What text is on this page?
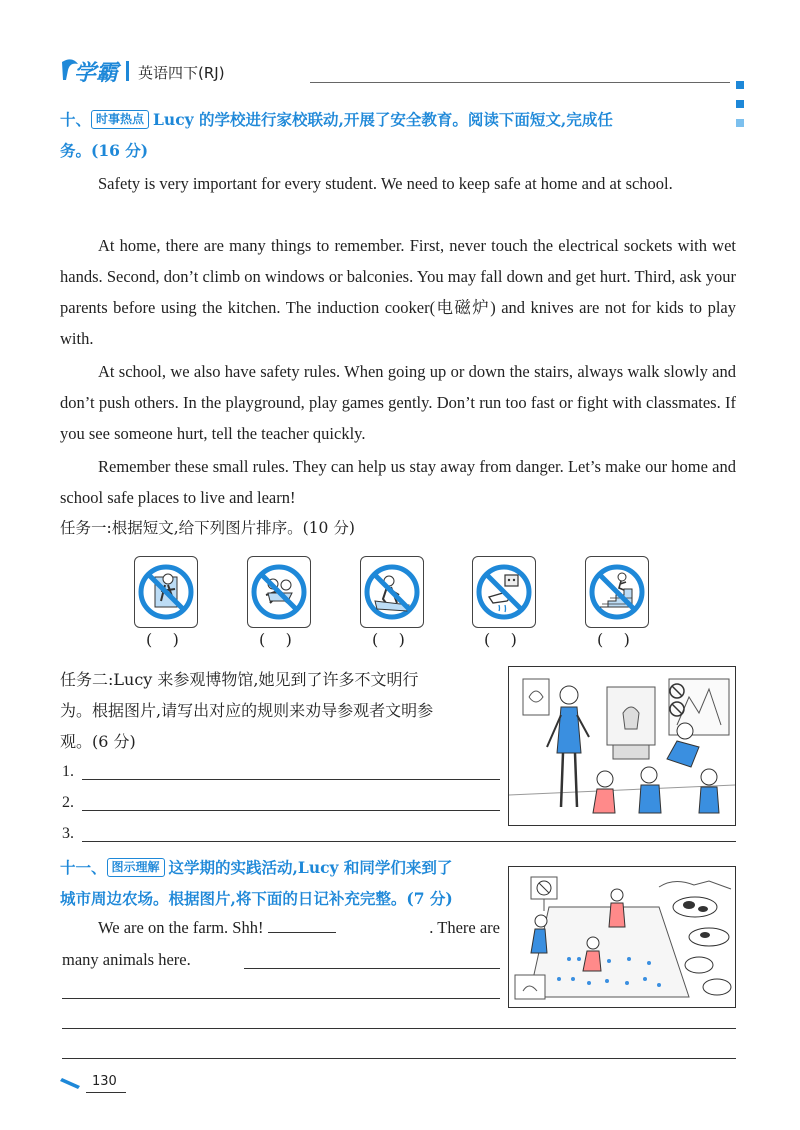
学霸 英语四下(RJ)
十、 时事热点 Lucy 的学校进行家校联动,开展了安全教育。阅读下面短文,完成任
务。(16 分)
Safety is very important for every student. We need to keep safe at home and at school.
At home, there are many things to remember. First, never touch the electrical sockets with wet hands. Second, don’t climb on windows or balconies. You may fall down and get hurt. Third, ask your parents before using the kitchen. The induction cooker(电磁炉) and knives are not for kids to play with.
At school, we also have safety rules. When going up or down the stairs, always walk slowly and don’t push others. In the playground, play games gently. Don’t run too fast or fight with classmates. If you see someone hurt, tell the teacher quickly.
Remember these small rules. They can help us stay away from danger. Let’s make our home and school safe places to live and learn!
任务一:根据短文,给下列图片排序。(10 分)
(    )	(    )	(    )	(    )	(    )
任务二:Lucy 来参观博物馆,她见到了许多不文明行
为。根据图片,请写出对应的规则来劝导参观者文明参
观。(6 分)
1.
2.
3.
十一、 图示理解 这学期的实践活动,Lucy 和同学们来到了
城市周边农场。根据图片,将下面的日记补充完整。(7 分)
We are on the farm. Shh!	. There are
many animals here.
130
